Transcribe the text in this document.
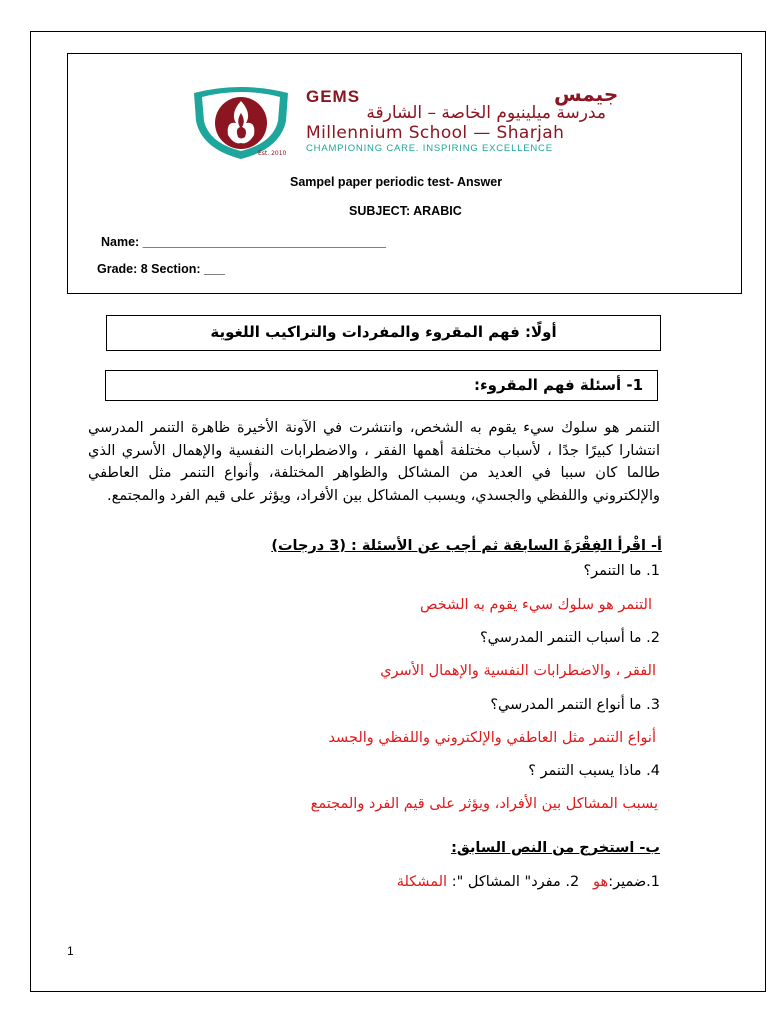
Est. 2010
GEMS	جيمس
مدرسة ميلينيوم الخاصة – الشارقة
Millennium School — Sharjah
CHAMPIONING CARE. INSPIRING EXCELLENCE
Sampel paper periodic test- Answer
SUBJECT: ARABIC
Name: ___________________________________
Grade: 8 Section: ___
أولًا: فهم المقروء والمفردات والتراكيب اللغوية
1- أسئلة فهم المقروء:
التنمر هو سلوك سيء يقوم به الشخص، وانتشرت في الآونة الأخيرة ظاهرة التنمر المدرسي انتشارا كبيرًا جدًا ، لأسباب مختلفة أهمها الفقر ، والاضطرابات النفسية والإهمال الأسري الذي طالما كان سببا في العديد من المشاكل والظواهر المختلفة، وأنواع التنمر مثل العاطفي والإلكتروني واللفظي والجسدي، ويسبب المشاكل بين الأفراد، ويؤثر على قيم الفرد والمجتمع.
أ- اقْرأ الفِقْرَةَ السابقة ثم أجب عن الأسئلة : (3 درجات)
1. ما التنمر؟
التنمر هو سلوك سيء يقوم به الشخص
2. ما أسباب التنمر المدرسي؟
الفقر ، والاضطرابات النفسية والإهمال الأسري
3. ما أنواع التنمر المدرسي؟
أنواع التنمر مثل العاطفي والإلكتروني واللفظي والجسد
4. ماذا يسبب التنمر ؟
يسبب المشاكل بين الأفراد، ويؤثر على قيم الفرد والمجتمع
ب- استخرج من النص السابق:
1.ضمير:هو   2. مفرد" المشاكل ": المشكلة
1
